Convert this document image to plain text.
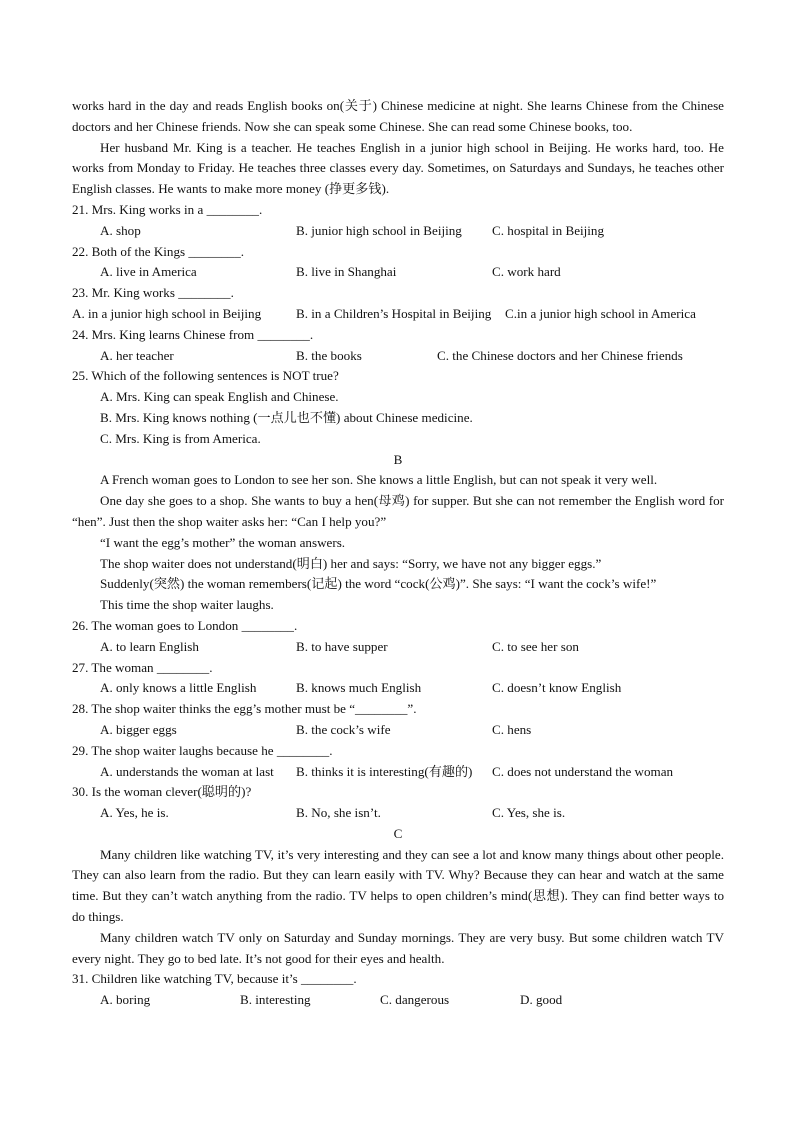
works hard in the day and reads English books on(关于) Chinese medicine at night. She learns Chinese from the Chinese doctors and her Chinese friends. Now she can speak some Chinese. She can read some Chinese books, too.
Her husband Mr. King is a teacher. He teaches English in a junior high school in Beijing. He works hard, too. He works from Monday to Friday. He teaches three classes every day. Sometimes, on Saturdays and Sundays, he teaches other English classes. He wants to make more money (挣更多钱).
21. Mrs. King works in a ________.
A. shop	B. junior high school in Beijing	C. hospital in Beijing
22. Both of the Kings ________.
A. live in America	B. live in Shanghai	C. work hard
23. Mr. King works ________.
A. in a junior high school in Beijing	B. in a Children’s Hospital in Beijing	C.in a junior high school in America
24. Mrs. King learns Chinese from ________.
A. her teacher	B. the books	C. the Chinese doctors and her Chinese friends
25. Which of the following sentences is NOT true?
A. Mrs. King can speak English and Chinese.
B. Mrs. King knows nothing (一点儿也不懂) about Chinese medicine.
C. Mrs. King is from America.
B
A French woman goes to London to see her son. She knows a little English, but can not speak it very well.
One day she goes to a shop. She wants to buy a hen(母鸡) for supper. But she can not remember the English word for “hen”. Just then the shop waiter asks her: “Can I help you?”
“I want the egg’s mother” the woman answers.
The shop waiter does not understand(明白) her and says: “Sorry, we have not any bigger eggs.”
Suddenly(突然) the woman remembers(记起) the word “cock(公鸡)”. She says: “I want the cock’s wife!”
This time the shop waiter laughs.
26. The woman goes to London ________.
A. to learn English	B. to have supper	C. to see her son
27. The woman ________.
A. only knows a little English	B. knows much English	C. doesn’t know English
28. The shop waiter thinks the egg’s mother must be “________”.
A. bigger eggs	B. the cock’s wife	C. hens
29. The shop waiter laughs because he ________.
A. understands the woman at last	B. thinks it is interesting(有趣的)	C. does not understand the woman
30. Is the woman clever(聪明的)?
A. Yes, he is.	B. No, she isn’t.	C. Yes, she is.
C
Many children like watching TV, it’s very interesting and they can see a lot and know many things about other people. They can also learn from the radio. But they can learn easily with TV. Why? Because they can hear and watch at the same time. But they can’t watch anything from the radio. TV helps to open children’s mind(思想). They can find better ways to do things.
Many children watch TV only on Saturday and Sunday mornings. They are very busy. But some children watch TV every night. They go to bed late. It’s not good for their eyes and health.
31. Children like watching TV, because it’s ________.
A. boring	B. interesting	C. dangerous	D. good
